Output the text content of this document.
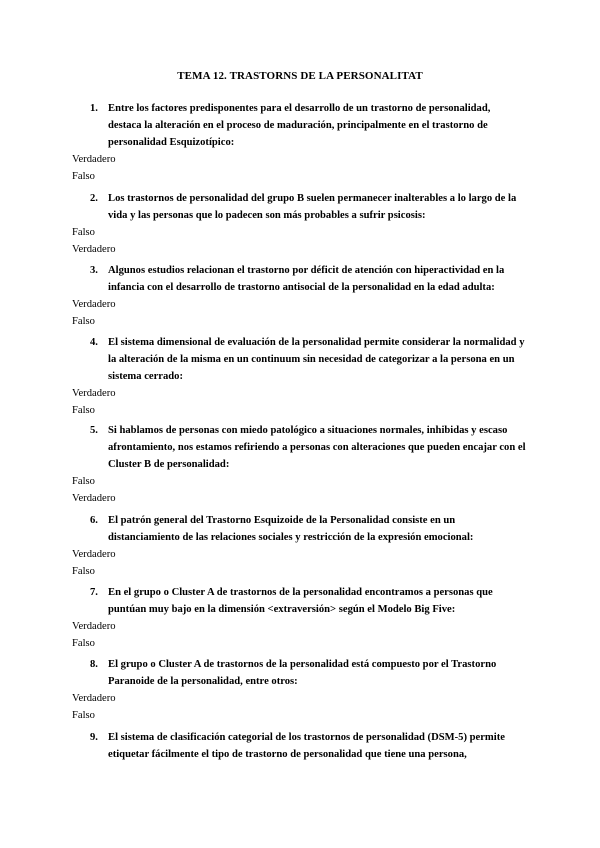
TEMA 12. TRASTORNS DE LA PERSONALITAT
1. Entre los factores predisponentes para el desarrollo de un trastorno de personalidad, destaca la alteración en el proceso de maduración, principalmente en el trastorno de personalidad Esquizotípico:
Verdadero
Falso
2. Los trastornos de personalidad del grupo B suelen permanecer inalterables a lo largo de la vida y las personas que lo padecen son más probables a sufrir psicosis:
Falso
Verdadero
3. Algunos estudios relacionan el trastorno por déficit de atención con hiperactividad en la infancia con el desarrollo de trastorno antisocial de la personalidad en la edad adulta:
Verdadero
Falso
4. El sistema dimensional de evaluación de la personalidad permite considerar la normalidad y la alteración de la misma en un continuum sin necesidad de categorizar a la persona en un sistema cerrado:
Verdadero
Falso
5. Si hablamos de personas con miedo patológico a situaciones normales, inhibidas y escaso afrontamiento, nos estamos refiriendo a personas con alteraciones que pueden encajar con el Cluster B de personalidad:
Falso
Verdadero
6. El patrón general del Trastorno Esquizoide de la Personalidad consiste en un distanciamiento de las relaciones sociales y restricción de la expresión emocional:
Verdadero
Falso
7. En el grupo o Cluster A de trastornos de la personalidad encontramos a personas que puntúan muy bajo en la dimensión <extraversión> según el Modelo Big Five:
Verdadero
Falso
8. El grupo o Cluster A de trastornos de la personalidad está compuesto por el Trastorno Paranoide de la personalidad, entre otros:
Verdadero
Falso
9. El sistema de clasificación categorial de los trastornos de personalidad (DSM-5) permite etiquetar fácilmente el tipo de trastorno de personalidad que tiene una persona,
